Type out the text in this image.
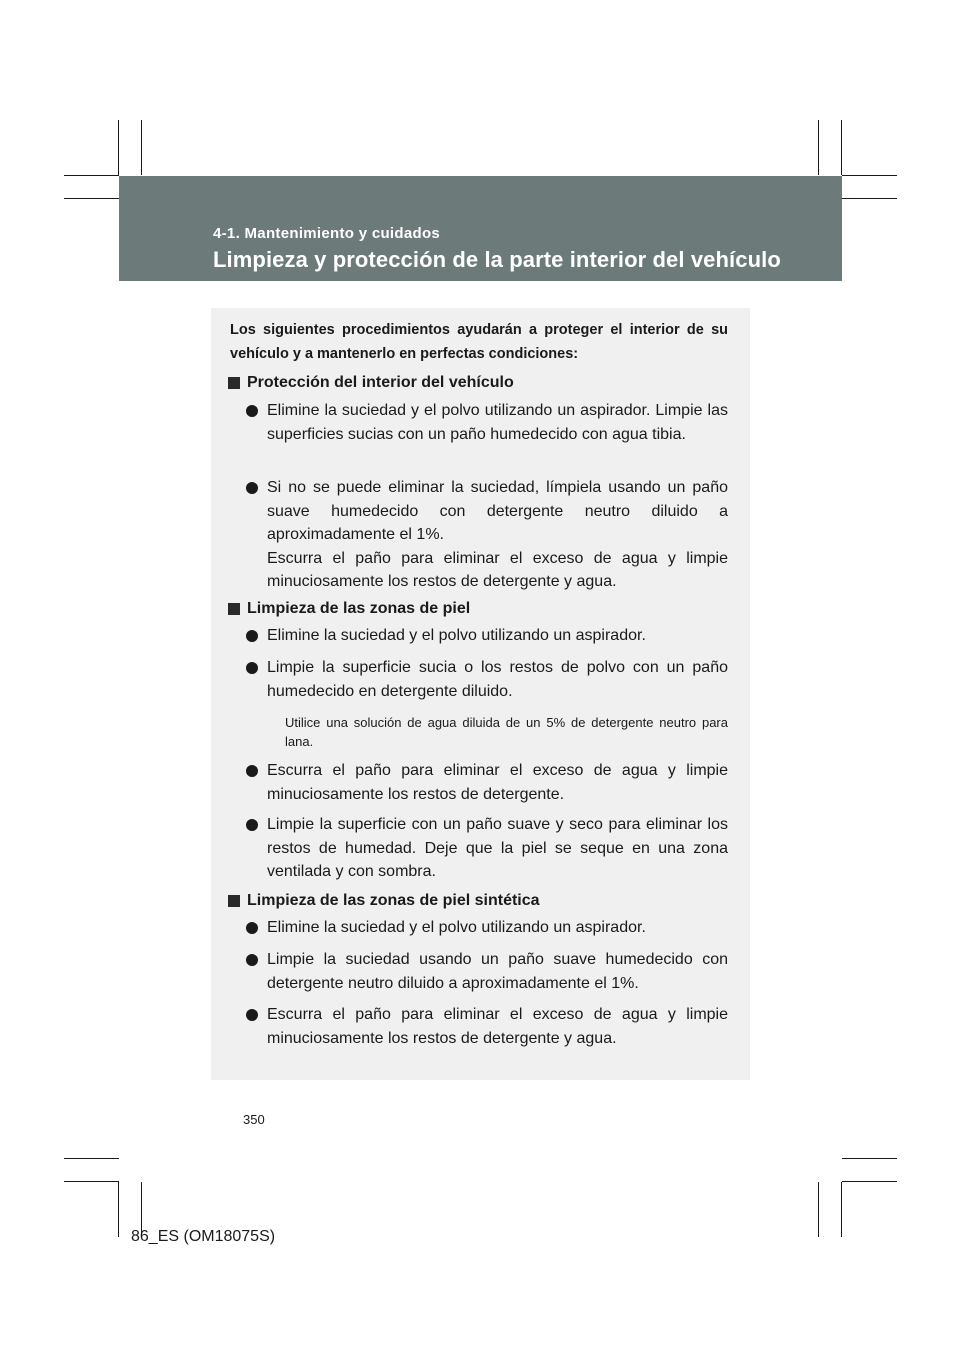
4-1. Mantenimiento y cuidados
Limpieza y protección de la parte interior del vehículo
Los siguientes procedimientos ayudarán a proteger el interior de su vehículo y a mantenerlo en perfectas condiciones:
Protección del interior del vehículo
Elimine la suciedad y el polvo utilizando un aspirador. Limpie las superficies sucias con un paño humedecido con agua tibia.
Si no se puede eliminar la suciedad, límpiela usando un paño suave humedecido con detergente neutro diluido a aproximadamente el 1%.
Escurra el paño para eliminar el exceso de agua y limpie minuciosamente los restos de detergente y agua.
Limpieza de las zonas de piel
Elimine la suciedad y el polvo utilizando un aspirador.
Limpie la superficie sucia o los restos de polvo con un paño humedecido en detergente diluido.
Utilice una solución de agua diluida de un 5% de detergente neutro para lana.
Escurra el paño para eliminar el exceso de agua y limpie minuciosamente los restos de detergente.
Limpie la superficie con un paño suave y seco para eliminar los restos de humedad. Deje que la piel se seque en una zona ventilada y con sombra.
Limpieza de las zonas de piel sintética
Elimine la suciedad y el polvo utilizando un aspirador.
Limpie la suciedad usando un paño suave humedecido con detergente neutro diluido a aproximadamente el 1%.
Escurra el paño para eliminar el exceso de agua y limpie minuciosamente los restos de detergente y agua.
350
86_ES (OM18075S)
